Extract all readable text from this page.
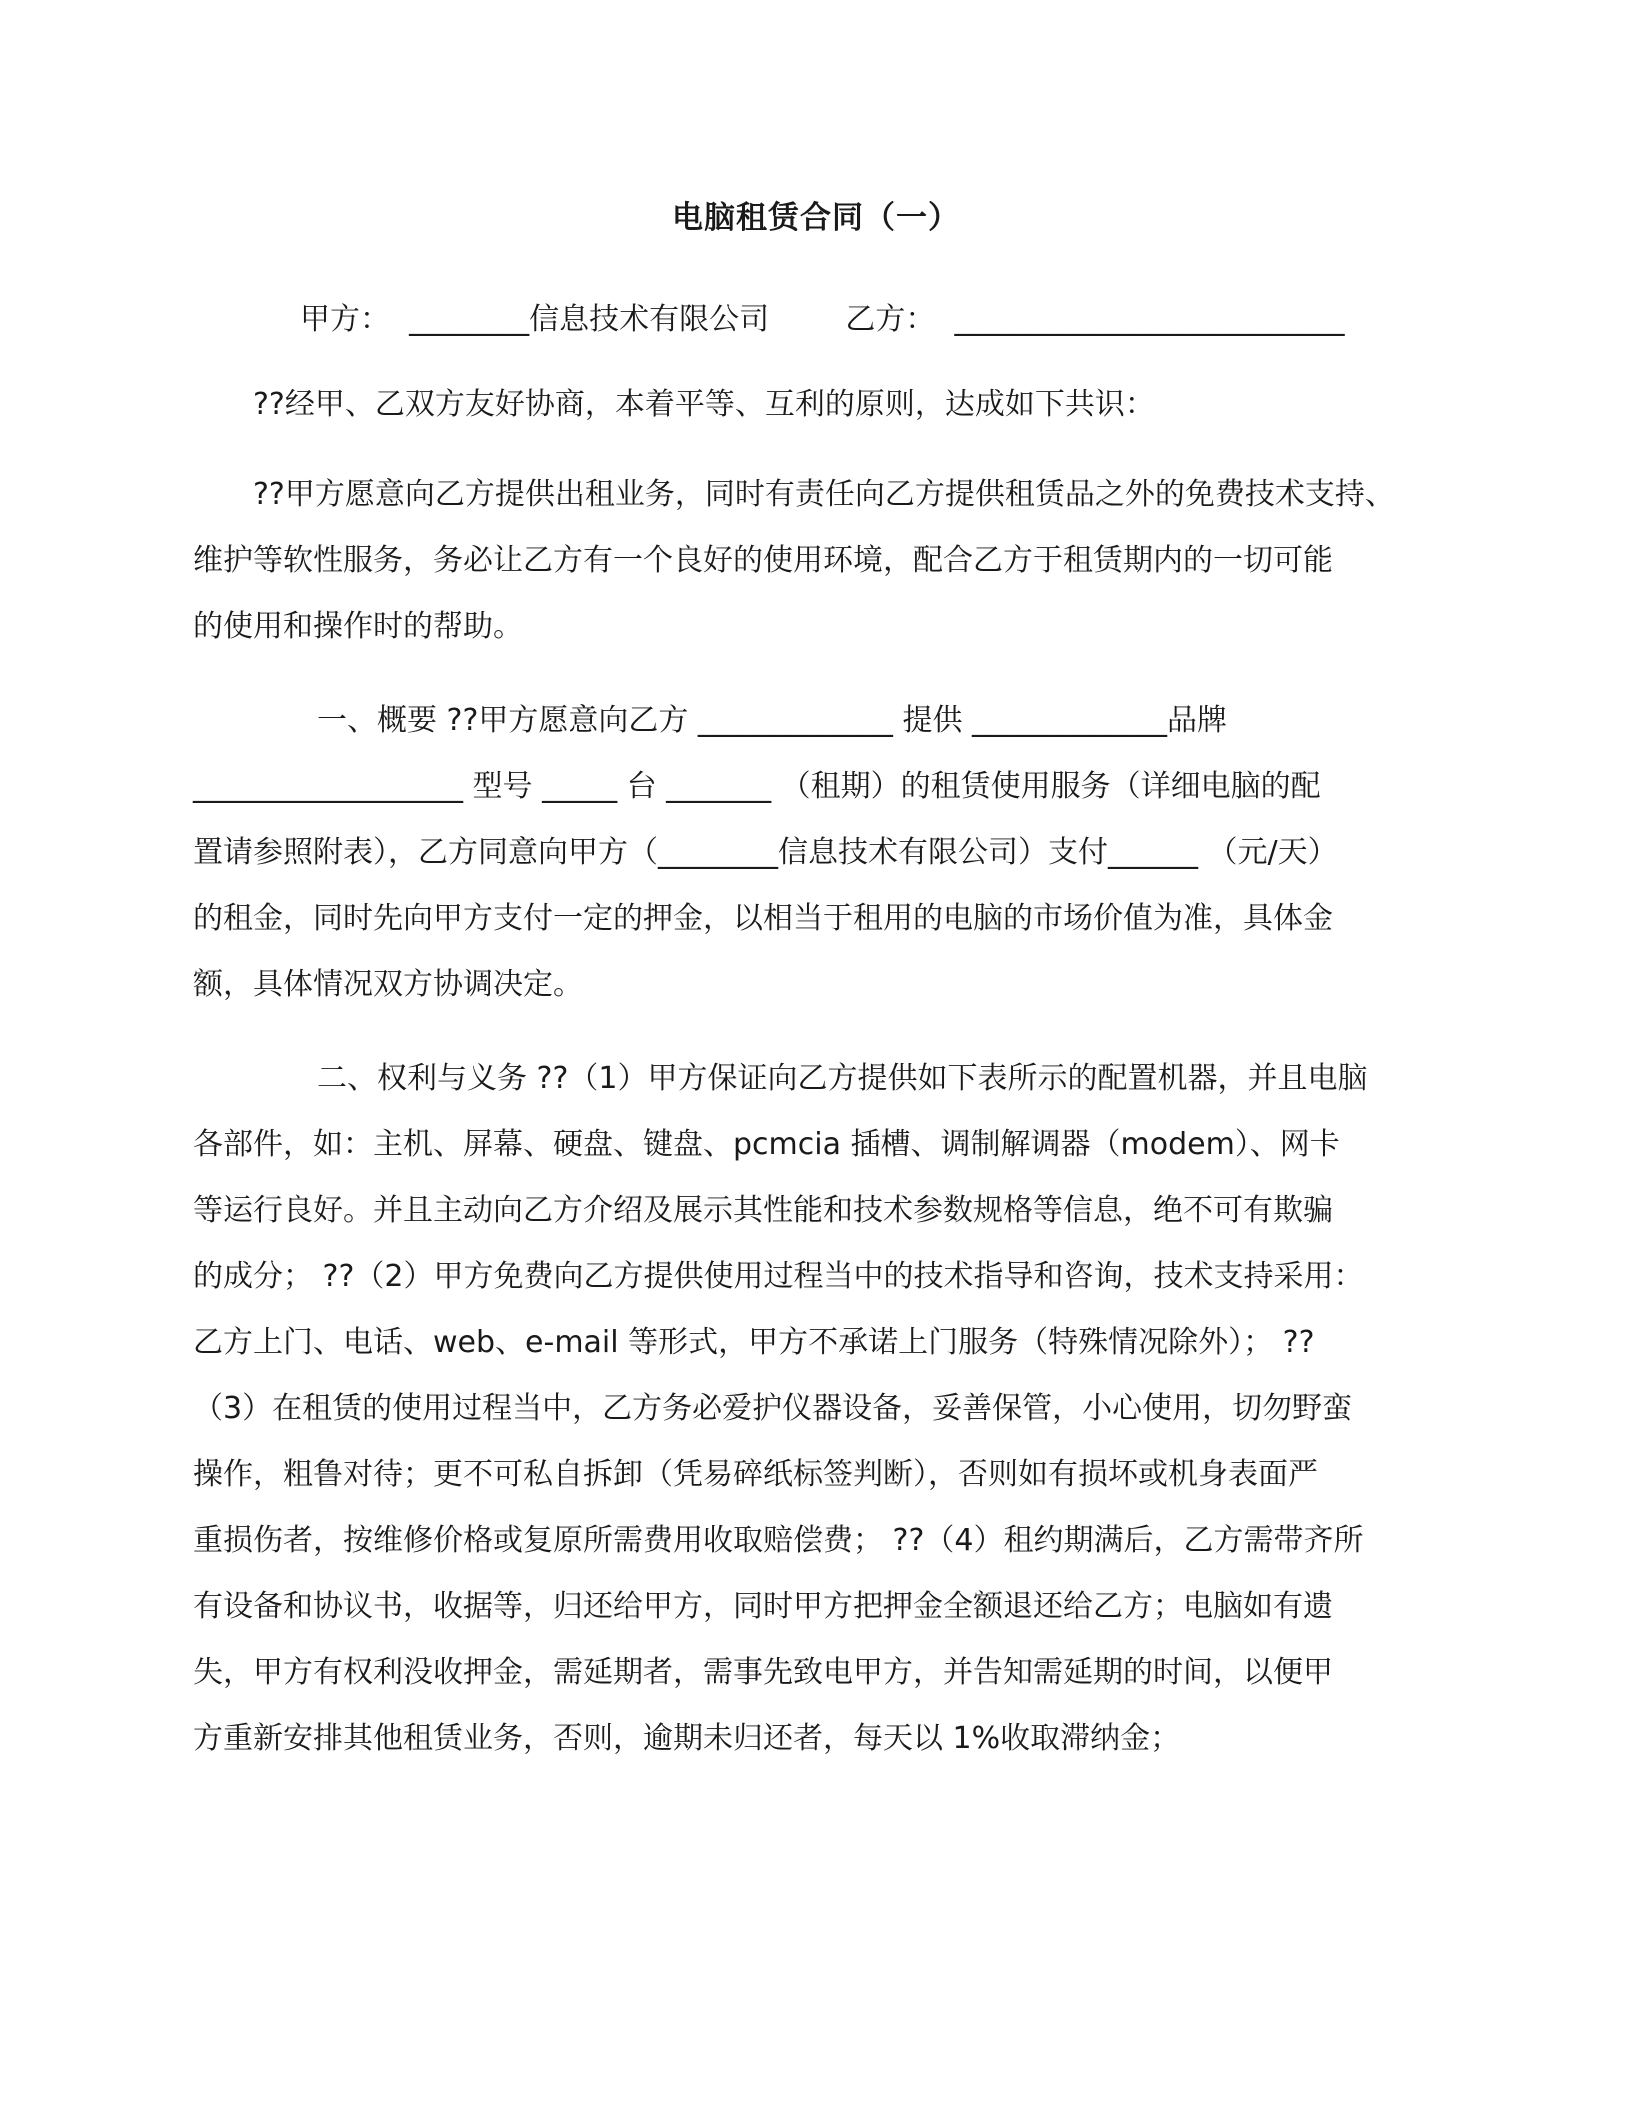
电脑租赁合同（一）
甲方：  ________信息技术有限公司	乙方：  __________________________

??经甲、乙双方友好协商，本着平等、互利的原则，达成如下共识：

??甲方愿意向乙方提供出租业务，同时有责任向乙方提供租赁品之外的免费技术支持、
维护等软性服务，务必让乙方有一个良好的使用环境，配合乙方于租赁期内的一切可能
的使用和操作时的帮助。

一、概要 ??甲方愿意向乙方 _____________ 提供 _____________品牌
__________________ 型号 _____ 台 _______ （租期）的租赁使用服务（详细电脑的配
置请参照附表），乙方同意向甲方（________信息技术有限公司）支付______ （元/天）
的租金，同时先向甲方支付一定的押金，以相当于租用的电脑的市场价值为准，具体金
额，具体情况双方协调决定。

二、权利与义务 ??（1）甲方保证向乙方提供如下表所示的配置机器，并且电脑
各部件，如：主机、屏幕、硬盘、键盘、pcmcia 插槽、调制解调器（modem）、网卡
等运行良好。并且主动向乙方介绍及展示其性能和技术参数规格等信息，绝不可有欺骗
的成分； ??（2）甲方免费向乙方提供使用过程当中的技术指导和咨询，技术支持采用：
乙方上门、电话、web、e-mail 等形式，甲方不承诺上门服务（特殊情况除外）； ??
（3）在租赁的使用过程当中，乙方务必爱护仪器设备，妥善保管，小心使用，切勿野蛮
操作，粗鲁对待；更不可私自拆卸（凭易碎纸标签判断），否则如有损坏或机身表面严
重损伤者，按维修价格或复原所需费用收取赔偿费； ??（4）租约期满后，乙方需带齐所
有设备和协议书，收据等，归还给甲方，同时甲方把押金全额退还给乙方；电脑如有遗
失，甲方有权利没收押金，需延期者，需事先致电甲方，并告知需延期的时间，以便甲
方重新安排其他租赁业务，否则，逾期未归还者，每天以 1%收取滞纳金；
